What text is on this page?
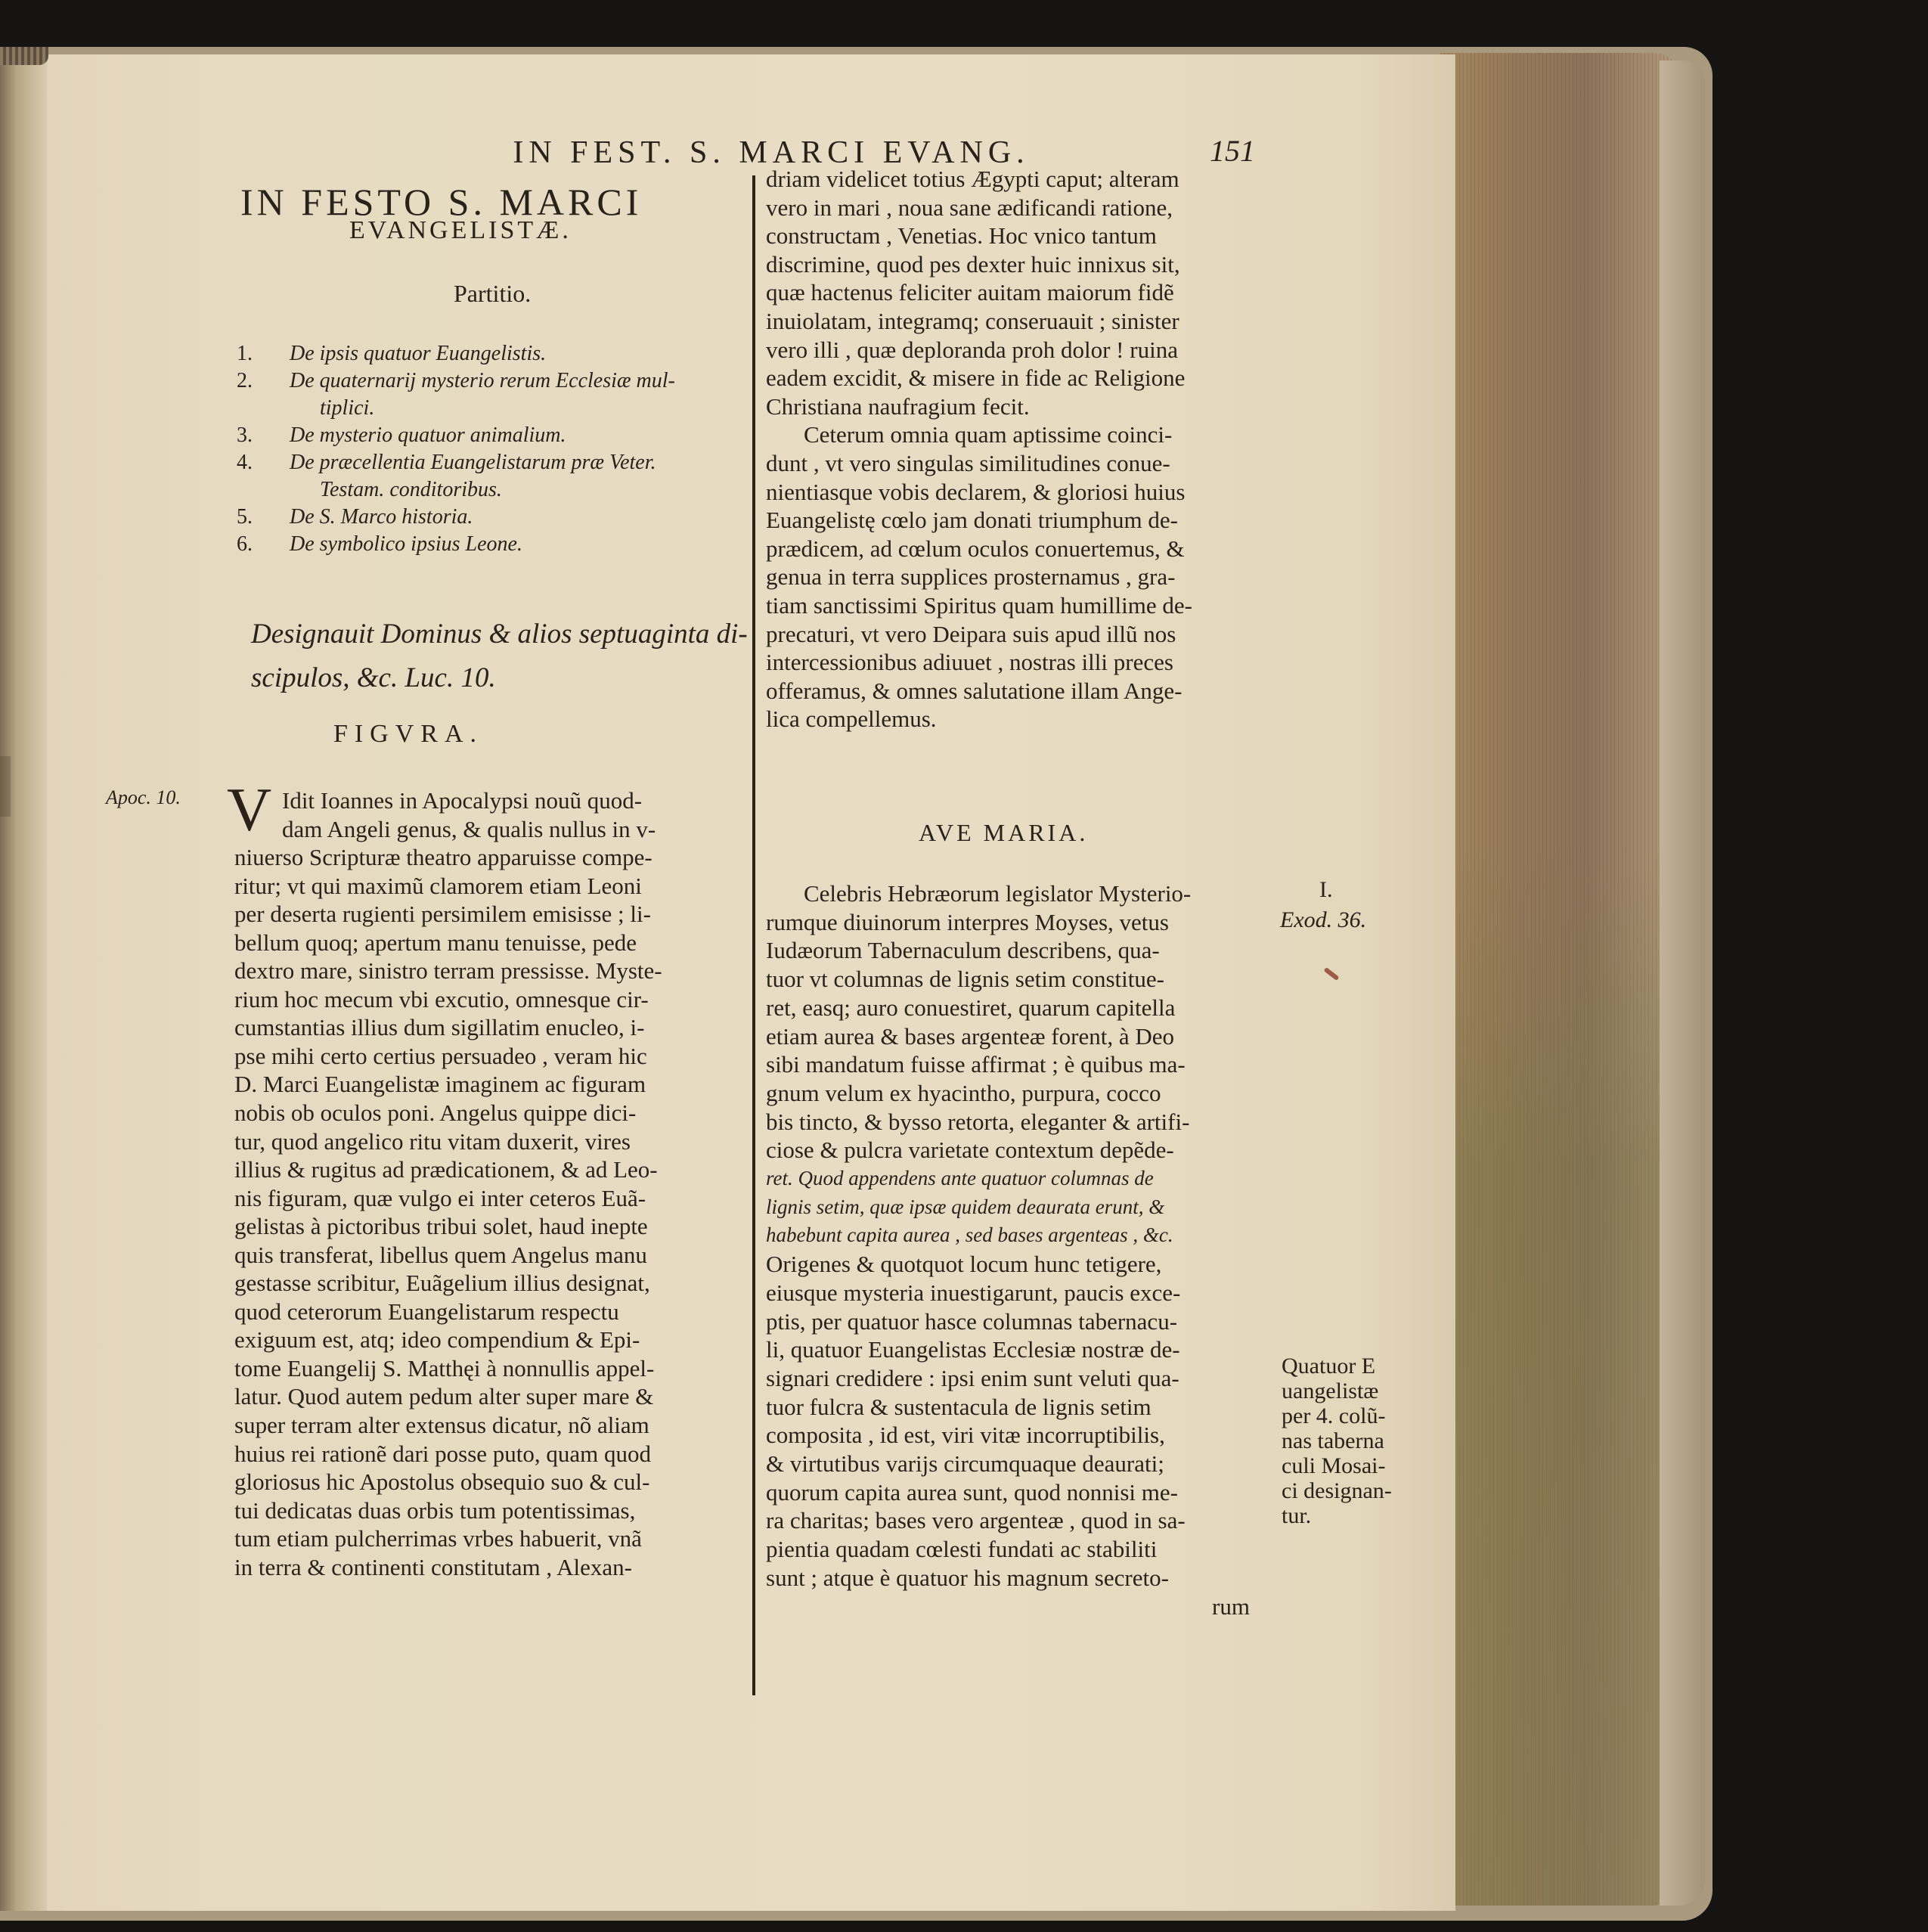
IN FEST. S. MARCI EVANG.	151
IN FESTO S. MARCI
EVANGELISTÆ.
Partitio.
1.	De ipsis quatuor Euangelistis.
2.	De quaternarij mysterio rerum Ecclesiæ mul-
tiplici.
3.	De mysterio quatuor animalium.
4.	De præcellentia Euangelistarum præ Veter.
Testam. conditoribus.
5.	De S. Marco historia.
6.	De symbolico ipsius Leone.
Designauit Dominus & alios septuaginta di-
scipulos, &c. Luc. 10.
FIGVRA.
Apoc. 10. V Idit Ioannes in Apocalypsi nouũ quod-
dam Angeli genus, & qualis nullus in v-
niuerso Scripturæ theatro apparuisse compe-
ritur; vt qui maximũ clamorem etiam Leoni
per deserta rugienti persimilem emisisse ; li-
bellum quoq; apertum manu tenuisse, pede
dextro mare, sinistro terram pressisse. Myste-
rium hoc mecum vbi excutio, omnesque cir-
cumstantias illius dum sigillatim enucleo, i-
pse mihi certo certius persuadeo , veram hic
D. Marci Euangelistæ imaginem ac figuram
nobis ob oculos poni. Angelus quippe dici-
tur, quod angelico ritu vitam duxerit, vires
illius & rugitus ad prædicationem, & ad Leo-
nis figuram, quæ vulgo ei inter ceteros Euã-
gelistas à pictoribus tribui solet, haud inepte
quis transferat, libellus quem Angelus manu
gestasse scribitur, Euãgelium illius designat,
quod ceterorum Euangelistarum respectu
exiguum est, atq; ideo compendium & Epi-
tome Euangelij S. Matthęi à nonnullis appel-
latur. Quod autem pedum alter super mare &
super terram alter extensus dicatur, nõ aliam
huius rei rationẽ dari posse puto, quam quod
gloriosus hic Apostolus obsequio suo & cul-
tui dedicatas duas orbis tum potentissimas,
tum etiam pulcherrimas vrbes habuerit, vnã
in terra & continenti constitutam , Alexan-
driam videlicet totius Ægypti caput; alteram
vero in mari , noua sane ædificandi ratione,
constructam , Venetias. Hoc vnico tantum
discrimine, quod pes dexter huic innixus sit,
quæ hactenus feliciter auitam maiorum fidẽ
inuiolatam, integramq; conseruauit ; sinister
vero illi , quæ deploranda proh dolor ! ruina
eadem excidit, & misere in fide ac Religione
Christiana naufragium fecit.
Ceterum omnia quam aptissime coinci-
dunt , vt vero singulas similitudines conue-
nientiasque vobis declarem, & gloriosi huius
Euangelistę cœlo jam donati triumphum de-
prædicem, ad cœlum oculos conuertemus, &
genua in terra supplices prosternamus , gra-
tiam sanctissimi Spiritus quam humillime de-
precaturi, vt vero Deipara suis apud illũ nos
intercessionibus adiuuet , nostras illi preces
offeramus, & omnes salutatione illam Ange-
lica compellemus.
AVE MARIA.
Celebris Hebræorum legislator Mysterio-
rumque diuinorum interpres Moyses, vetus
Iudæorum Tabernaculum describens, qua-
tuor vt columnas de lignis setim constitue-
ret, easq; auro conuestiret, quarum capitella
etiam aurea & bases argenteæ forent, à Deo
sibi mandatum fuisse affirmat ; è quibus ma-
gnum velum ex hyacintho, purpura, cocco
bis tincto, & bysso retorta, eleganter & artifi-
ciose & pulcra varietate contextum depẽde-
ret. Quod appendens ante quatuor columnas de
lignis setim, quæ ipsæ quidem deaurata erunt, &
habebunt capita aurea , sed bases argenteas , &c.
Origenes & quotquot locum hunc tetigere,
eiusque mysteria inuestigarunt, paucis exce-
ptis, per quatuor hasce columnas tabernacu-
li, quatuor Euangelistas Ecclesiæ nostræ de-
signari credidere : ipsi enim sunt veluti qua-
tuor fulcra & sustentacula de lignis setim
composita , id est, viri vitæ incorruptibilis,
& virtutibus varijs circumquaque deaurati;
quorum capita aurea sunt, quod nonnisi me-
ra charitas; bases vero argenteæ , quod in sa-
pientia quadam cœlesti fundati ac stabiliti
sunt ; atque è quatuor his magnum secreto-
rum
I.
Exod. 36.
Quatuor E
uangelistæ
per 4. colũ-
nas taberna
culi Mosai-
ci designan-
tur.
